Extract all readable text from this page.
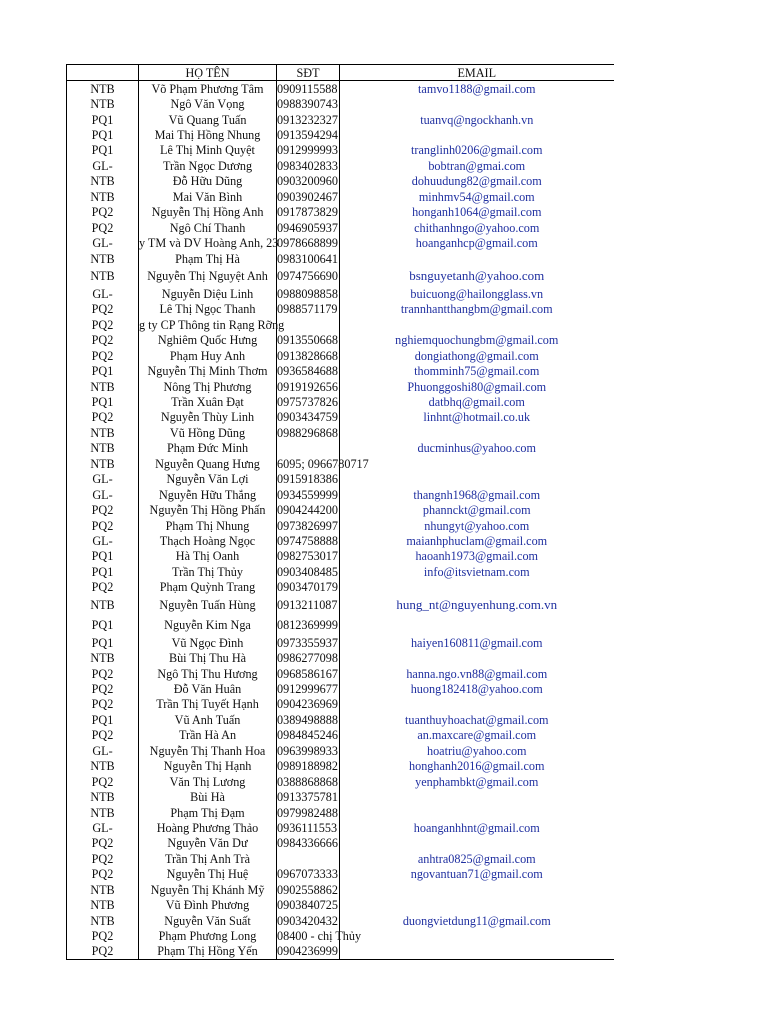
	HỌ TÊN	SĐT	EMAIL
NTB	Võ Phạm Phương Tâm	0909115588	tamvo1188@gmail.com
NTB	Ngô Văn Vọng	0988390743	
PQ1	Vũ Quang Tuấn	0913232327	tuanvq@ngockhanh.vn
PQ1	Mai Thị Hồng Nhung	0913594294	
PQ1	Lê Thị Minh Quyệt	0912999993	tranglinh0206@gmail.com
GL-	Trần Ngọc Dương	0983402833	bobtran@gmai.com
NTB	Đỗ Hữu Dũng	0903200960	dohuudung82@gmail.com
NTB	Mai Văn Bình	0903902467	minhmv54@gmail.com
PQ2	Nguyễn Thị Hồng Anh	0917873829	honganh1064@gmail.com
PQ2	Ngô Chí Thanh	0946905937	chithanhngo@yahoo.com
GL-	y TM và DV Hoàng Anh, 23	0978668899	hoanganhcp@gmail.com
NTB	Phạm Thị Hà	0983100641	
NTB	Nguyễn Thị Nguyệt Anh	0974756690	bsnguyetanh@yahoo.com
GL-	Nguyễn Diệu Linh	0988098858	buicuong@hailongglass.vn
PQ2	Lê Thị Ngọc Thanh	0988571179	trannhantthangbm@gmail.com
PQ2	g ty CP Thông tin Rạng Rỡng		
PQ2	Nghiêm Quốc Hưng	0913550668	nghiemquochungbm@gmail.com
PQ2	Phạm Huy Anh	0913828668	dongiathong@gmail.com
PQ1	Nguyễn Thị Minh Thơm	0936584688	thomminh75@gmail.com
NTB	Nông Thị Phương	0919192656	Phuonggoshi80@gmail.com
PQ1	Trần Xuân Đạt	0975737826	datbhq@gmail.com
PQ2	Nguyễn Thùy Linh	0903434759	linhnt@hotmail.co.uk
NTB	Vũ Hồng Dũng	0988296868	
NTB	Phạm Đức Minh		ducminhus@yahoo.com
NTB	Nguyễn Quang Hưng	6095; 0966780717	
GL-	Nguyễn Văn Lợi	0915918386	
GL-	Nguyễn Hữu Thắng	0934559999	thangnh1968@gmail.com
PQ2	Nguyễn Thị Hồng Phấn	0904244200	phannckt@gmail.com
PQ2	Phạm Thị Nhung	0973826997	nhungyt@yahoo.com
GL-	Thạch Hoàng Ngọc	0974758888	maianhphuclam@gmail.com
PQ1	Hà Thị Oanh	0982753017	haoanh1973@gmail.com
PQ1	Trần Thị Thủy	0903408485	info@itsvietnam.com
PQ2	Phạm Quỳnh Trang	0903470179	
NTB	Nguyễn Tuấn Hùng	0913211087	hung_nt@nguyenhung.com.vn
PQ1	Nguyễn Kim Nga	0812369999	
PQ1	Vũ Ngọc Đình	0973355937	haiyen160811@gmail.com
NTB	Bùi Thị Thu Hà	0986277098	
PQ2	Ngô Thị Thu Hương	0968586167	hanna.ngo.vn88@gmail.com
PQ2	Đỗ Văn Huân	0912999677	huong182418@yahoo.com
PQ2	Trần Thị Tuyết Hạnh	0904236969	
PQ1	Vũ Anh Tuấn	0389498888	tuanthuyhoachat@gmail.com
PQ2	Trần Hà An	0984845246	an.maxcare@gmail.com
GL-	Nguyễn Thị Thanh Hoa	0963998933	hoatriu@yahoo.com
NTB	Nguyễn Thị Hạnh	0989188982	honghanh2016@gmail.com
PQ2	Văn Thị Lương	0388868868	yenphambkt@gmail.com
NTB	Bùi Hà	0913375781	
NTB	Phạm Thị Đạm	0979982488	
GL-	Hoàng Phương Thảo	0936111553	hoanganhhnt@gmail.com
PQ2	Nguyễn Văn Dư	0984336666	
PQ2	Trần Thị Anh Trà		anhtra0825@gmail.com
PQ2	Nguyễn Thị Huệ	0967073333	ngovantuan71@gmail.com
NTB	Nguyễn Thị Khánh Mỹ	0902558862	
NTB	Vũ Đình Phương	0903840725	
NTB	Nguyễn Văn Suất	0903420432	duongvietdung11@gmail.com
PQ2	Phạm Phương Long	08400 - chị Thủy	
PQ2	Phạm Thị Hồng Yến	0904236999	
